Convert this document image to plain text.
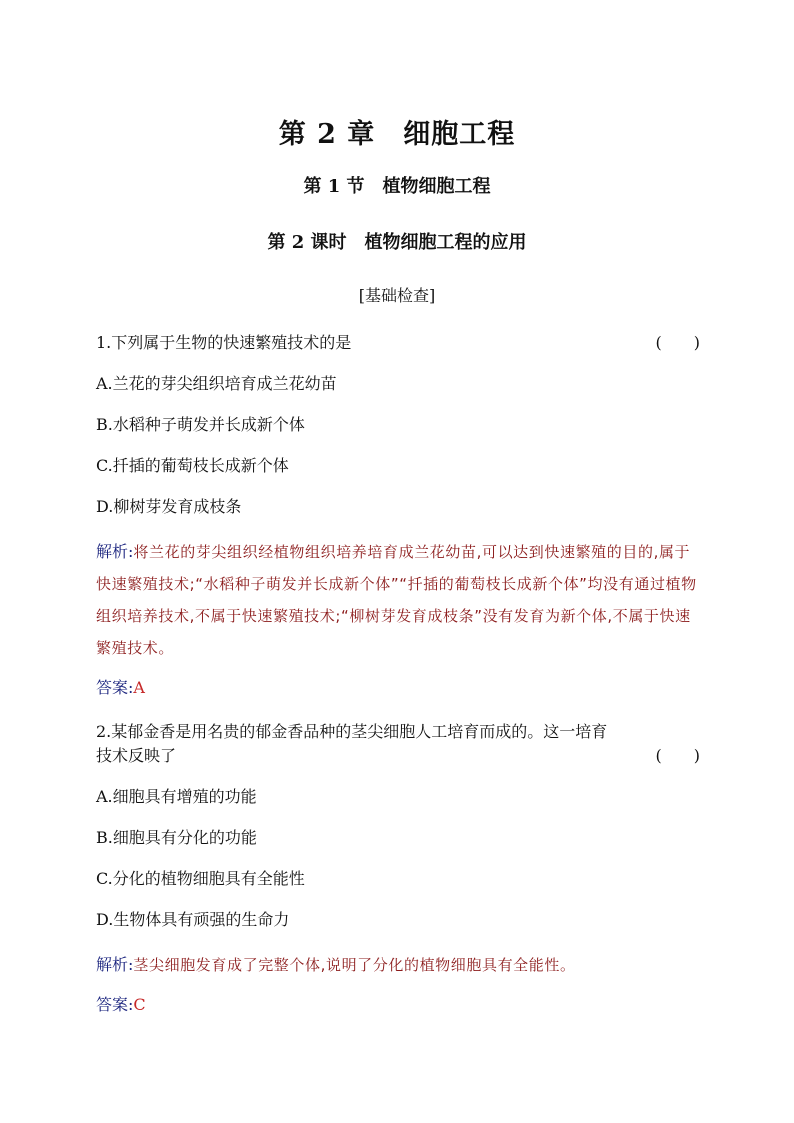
第 2 章　细胞工程
第 1 节　植物细胞工程
第 2 课时　植物细胞工程的应用
[基础检查]
1.下列属于生物的快速繁殖技术的是	(　　)
A.兰花的芽尖组织培育成兰花幼苗
B.水稻种子萌发并长成新个体
C.扦插的葡萄枝长成新个体
D.柳树芽发育成枝条
解析:将兰花的芽尖组织经植物组织培养培育成兰花幼苗,可以达到快速繁殖的目的,属于快速繁殖技术;“水稻种子萌发并长成新个体”“扦插的葡萄枝长成新个体”均没有通过植物组织培养技术,不属于快速繁殖技术;“柳树芽发育成枝条”没有发育为新个体,不属于快速繁殖技术。
答案:A
2.某郁金香是用名贵的郁金香品种的茎尖细胞人工培育而成的。这一培育
技术反映了	(　　)
A.细胞具有增殖的功能
B.细胞具有分化的功能
C.分化的植物细胞具有全能性
D.生物体具有顽强的生命力
解析:茎尖细胞发育成了完整个体,说明了分化的植物细胞具有全能性。
答案:C
